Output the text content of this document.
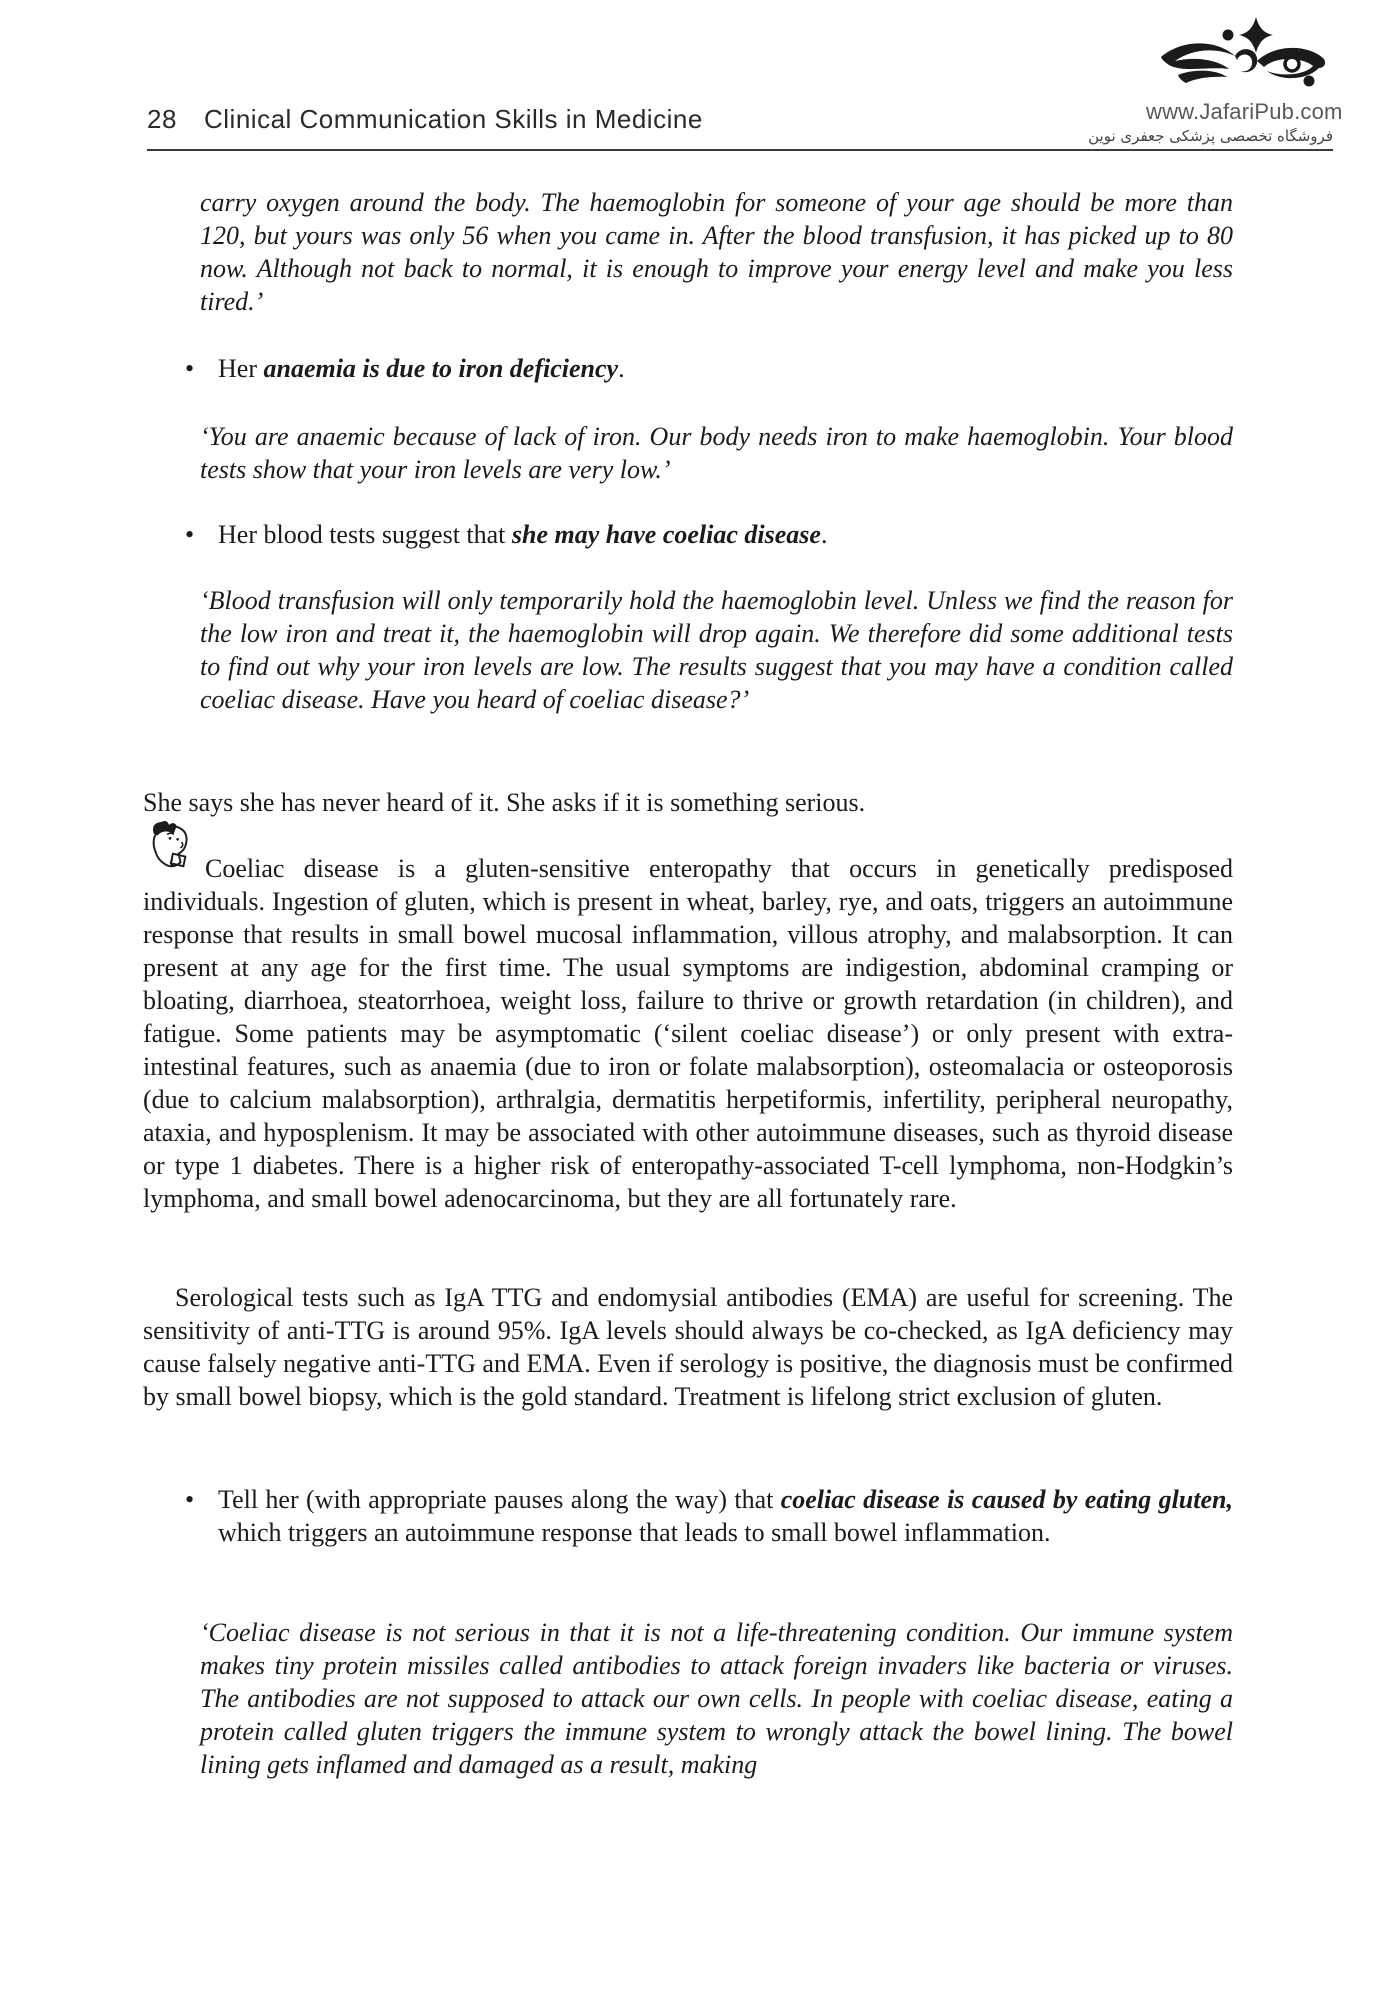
28 Clinical Communication Skills in Medicine	www.JafariPub.com
فروشگاه تخصصی پزشکی جعفری نوین
carry oxygen around the body. The haemoglobin for someone of your age should be more than 120, but yours was only 56 when you came in. After the blood transfusion, it has picked up to 80 now. Although not back to normal, it is enough to improve your energy level and make you less tired.’
• Her anaemia is due to iron deficiency.
‘You are anaemic because of lack of iron. Our body needs iron to make haemoglobin. Your blood tests show that your iron levels are very low.’
• Her blood tests suggest that she may have coeliac disease.
‘Blood transfusion will only temporarily hold the haemoglobin level. Unless we find the reason for the low iron and treat it, the haemoglobin will drop again. We therefore did some additional tests to find out why your iron levels are low. The results suggest that you may have a condition called coeliac disease. Have you heard of coeliac disease?’
She says she has never heard of it. She asks if it is something serious.
Coeliac disease is a gluten-sensitive enteropathy that occurs in genetically predisposed individuals. Ingestion of gluten, which is present in wheat, barley, rye, and oats, triggers an autoimmune response that results in small bowel mucosal inflammation, villous atrophy, and malabsorption. It can present at any age for the first time. The usual symptoms are indigestion, abdominal cramping or bloating, diarrhoea, steatorrhoea, weight loss, failure to thrive or growth retardation (in children), and fatigue. Some patients may be asymptomatic (‘silent coeliac disease’) or only present with extra-intestinal features, such as anaemia (due to iron or folate malabsorption), osteomalacia or osteoporosis (due to calcium malabsorption), arthralgia, dermatitis herpetiformis, infertility, peripheral neuropathy, ataxia, and hyposplenism. It may be associated with other autoimmune diseases, such as thyroid disease or type 1 diabetes. There is a higher risk of enteropathy-associated T-cell lymphoma, non-Hodgkin’s lymphoma, and small bowel adenocarcinoma, but they are all fortunately rare.
Serological tests such as IgA TTG and endomysial antibodies (EMA) are useful for screening. The sensitivity of anti-TTG is around 95%. IgA levels should always be co-checked, as IgA deficiency may cause falsely negative anti-TTG and EMA. Even if serology is positive, the diagnosis must be confirmed by small bowel biopsy, which is the gold standard. Treatment is lifelong strict exclusion of gluten.
• Tell her (with appropriate pauses along the way) that coeliac disease is caused by eating gluten, which triggers an autoimmune response that leads to small bowel inflammation.
‘Coeliac disease is not serious in that it is not a life-threatening condition. Our immune system makes tiny protein missiles called antibodies to attack foreign invaders like bacteria or viruses. The antibodies are not supposed to attack our own cells. In people with coeliac disease, eating a protein called gluten triggers the immune system to wrongly attack the bowel lining. The bowel lining gets inflamed and damaged as a result, making
